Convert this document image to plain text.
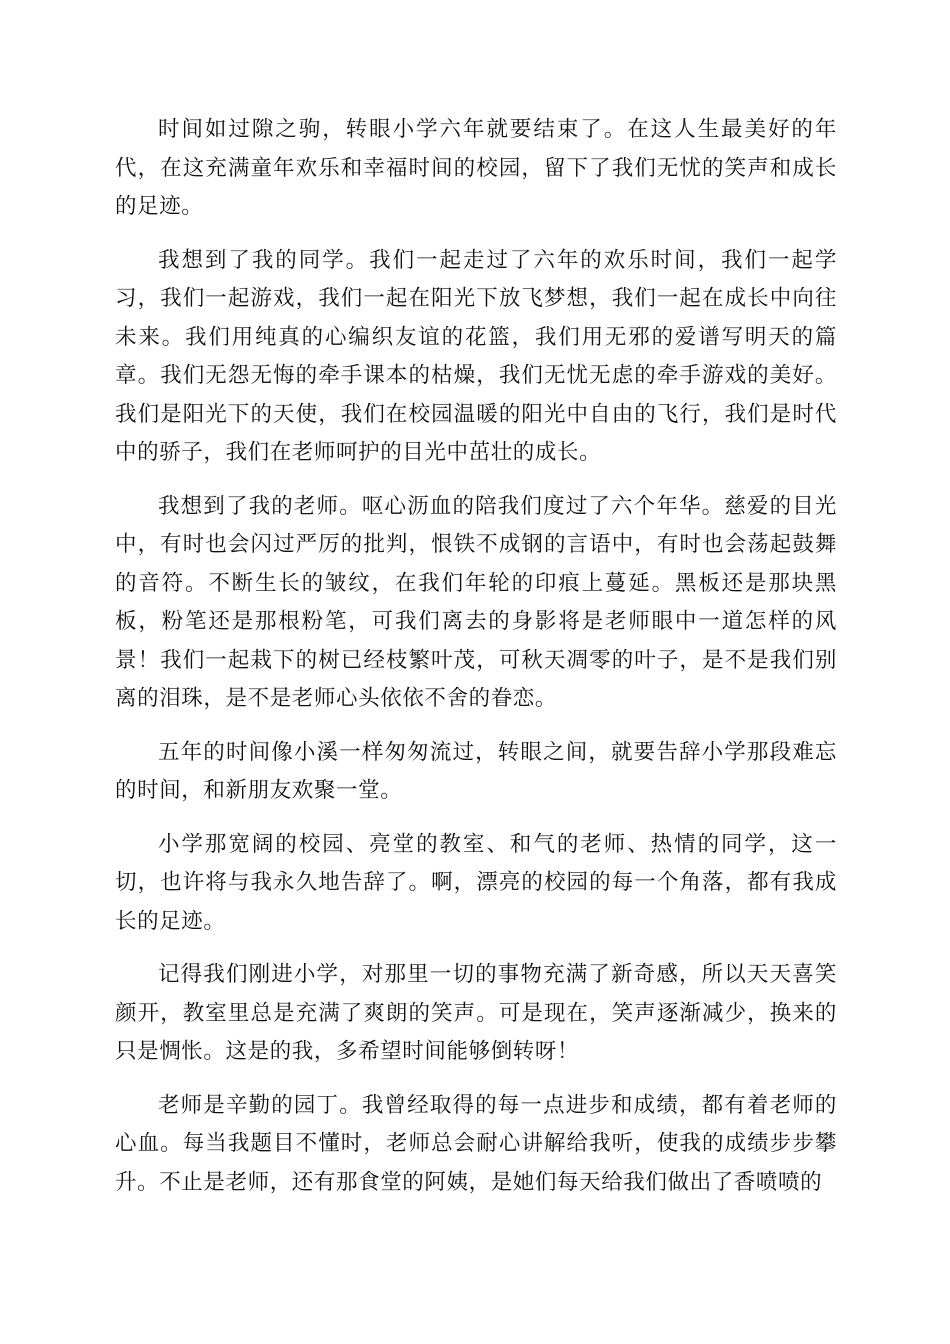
时间如过隙之驹，转眼小学六年就要结束了。在这人生最美好的年代，在这充满童年欢乐和幸福时间的校园，留下了我们无忧的笑声和成长的足迹。

我想到了我的同学。我们一起走过了六年的欢乐时间，我们一起学习，我们一起游戏，我们一起在阳光下放飞梦想，我们一起在成长中向往未来。我们用纯真的心编织友谊的花篮，我们用无邪的爱谱写明天的篇章。我们无怨无悔的牵手课本的枯燥，我们无忧无虑的牵手游戏的美好。我们是阳光下的天使，我们在校园温暖的阳光中自由的飞行，我们是时代中的骄子，我们在老师呵护的目光中茁壮的成长。

我想到了我的老师。呕心沥血的陪我们度过了六个年华。慈爱的目光中，有时也会闪过严厉的批判，恨铁不成钢的言语中，有时也会荡起鼓舞的音符。不断生长的皱纹，在我们年轮的印痕上蔓延。黑板还是那块黑板，粉笔还是那根粉笔，可我们离去的身影将是老师眼中一道怎样的风景！我们一起栽下的树已经枝繁叶茂，可秋天凋零的叶子，是不是我们别离的泪珠，是不是老师心头依依不舍的眷恋。

五年的时间像小溪一样匆匆流过，转眼之间，就要告辞小学那段难忘的时间，和新朋友欢聚一堂。

小学那宽阔的校园、亮堂的教室、和气的老师、热情的同学，这一切，也许将与我永久地告辞了。啊，漂亮的校园的每一个角落，都有我成长的足迹。

记得我们刚进小学，对那里一切的事物充满了新奇感，所以天天喜笑颜开，教室里总是充满了爽朗的笑声。可是现在，笑声逐渐减少，换来的只是惆怅。这是的我，多希望时间能够倒转呀！

老师是辛勤的园丁。我曾经取得的每一点进步和成绩，都有着老师的心血。每当我题目不懂时，老师总会耐心讲解给我听，使我的成绩步步攀升。不止是老师，还有那食堂的阿姨，是她们每天给我们做出了香喷喷的
